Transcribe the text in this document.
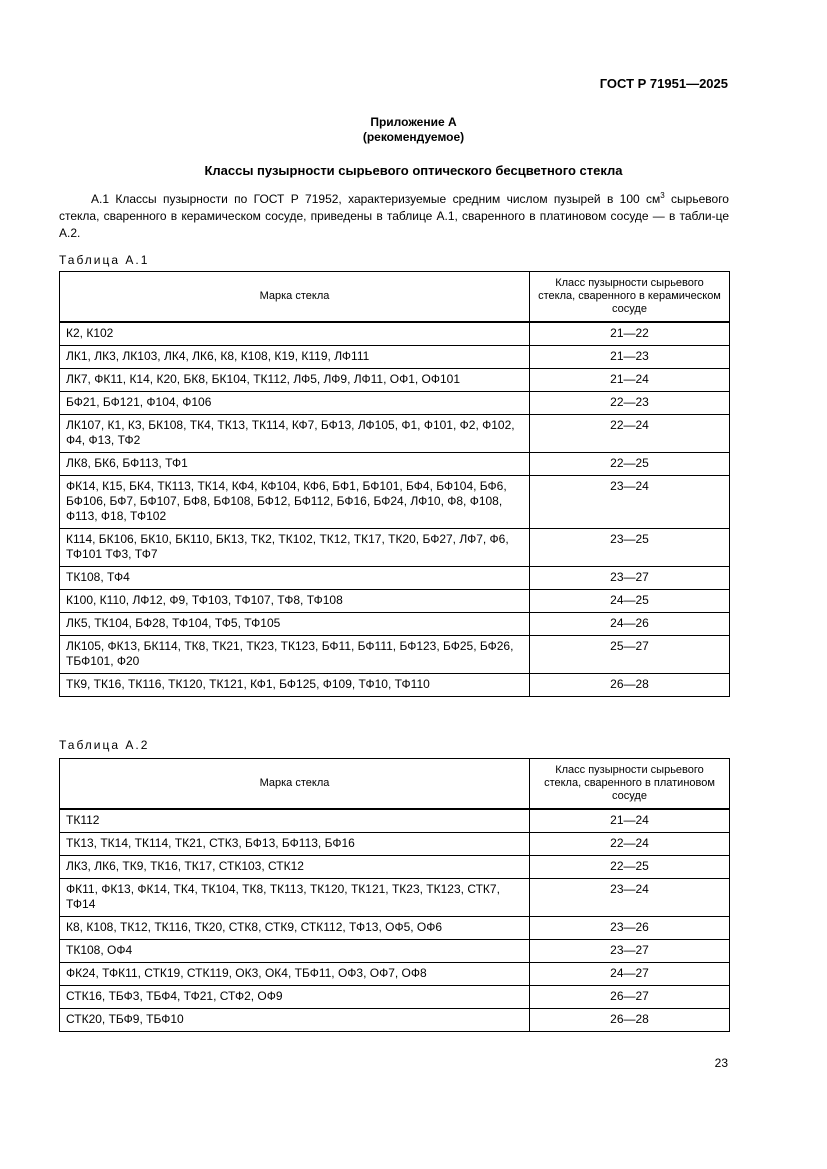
ГОСТ Р 71951—2025
Приложение А
(рекомендуемое)
Классы пузырности сырьевого оптического бесцветного стекла
А.1 Классы пузырности по ГОСТ Р 71952, характеризуемые средним числом пузырей в 100 $см^3$ сырьевого стекла, сваренного в керамическом сосуде, приведены в таблице А.1, сваренного в платиновом сосуде — в табли-це А.2.
Таблица А.1
Марка стекла	Класс пузырности сырьевого стекла, сваренного в керамическом сосуде
К2, К102	21—22
ЛК1, ЛК3, ЛК103, ЛК4, ЛК6, К8, К108, К19, К119, ЛФ111	21—23
ЛК7, ФК11, К14, К20, БК8, БК104, ТК112, ЛФ5, ЛФ9, ЛФ11, ОФ1, ОФ101	21—24
БФ21, БФ121, Ф104, Ф106	22—23
ЛК107, К1, К3, БК108, ТК4, ТК13, ТК114, КФ7, БФ13, ЛФ105, Ф1, Ф101, Ф2, Ф102, Ф4, Ф13, ТФ2	22—24
ЛК8, БК6, БФ113, ТФ1	22—25
ФК14, К15, БК4, ТК113, ТК14, КФ4, КФ104, КФ6, БФ1, БФ101, БФ4, БФ104, БФ6, БФ106, БФ7, БФ107, БФ8, БФ108, БФ12, БФ112, БФ16, БФ24, ЛФ10, Ф8, Ф108, Ф113, Ф18, ТФ102	23—24
К114, БК106, БК10, БК110, БК13, ТК2, ТК102, ТК12, ТК17, ТК20, БФ27, ЛФ7, Ф6, ТФ101 ТФ3, ТФ7	23—25
ТК108, ТФ4	23—27
К100, К110, ЛФ12, Ф9, ТФ103, ТФ107, ТФ8, ТФ108	24—25
ЛК5, ТК104, БФ28, ТФ104, ТФ5, ТФ105	24—26
ЛК105, ФК13, БК114, ТК8, ТК21, ТК23, ТК123, БФ11, БФ111, БФ123, БФ25, БФ26, ТБФ101, Ф20	25—27
ТК9, ТК16, ТК116, ТК120, ТК121, КФ1, БФ125, Ф109, ТФ10, ТФ110	26—28
Таблица А.2
Марка стекла	Класс пузырности сырьевого стекла, сваренного в платиновом сосуде
ТК112	21—24
ТК13, ТК14, ТК114, ТК21, СТК3, БФ13, БФ113, БФ16	22—24
ЛК3, ЛК6, ТК9, ТК16, ТК17, СТК103, СТК12	22—25
ФК11, ФК13, ФК14, ТК4, ТК104, ТК8, ТК113, ТК120, ТК121, ТК23, ТК123, СТК7, ТФ14	23—24
К8, К108, ТК12, ТК116, ТК20, СТК8, СТК9, СТК112, ТФ13, ОФ5, ОФ6	23—26
ТК108, ОФ4	23—27
ФК24, ТФК11, СТК19, СТК119, ОК3, ОК4, ТБФ11, ОФ3, ОФ7, ОФ8	24—27
СТК16, ТБФ3, ТБФ4, ТФ21, СТФ2, ОФ9	26—27
СТК20, ТБФ9, ТБФ10	26—28
23
